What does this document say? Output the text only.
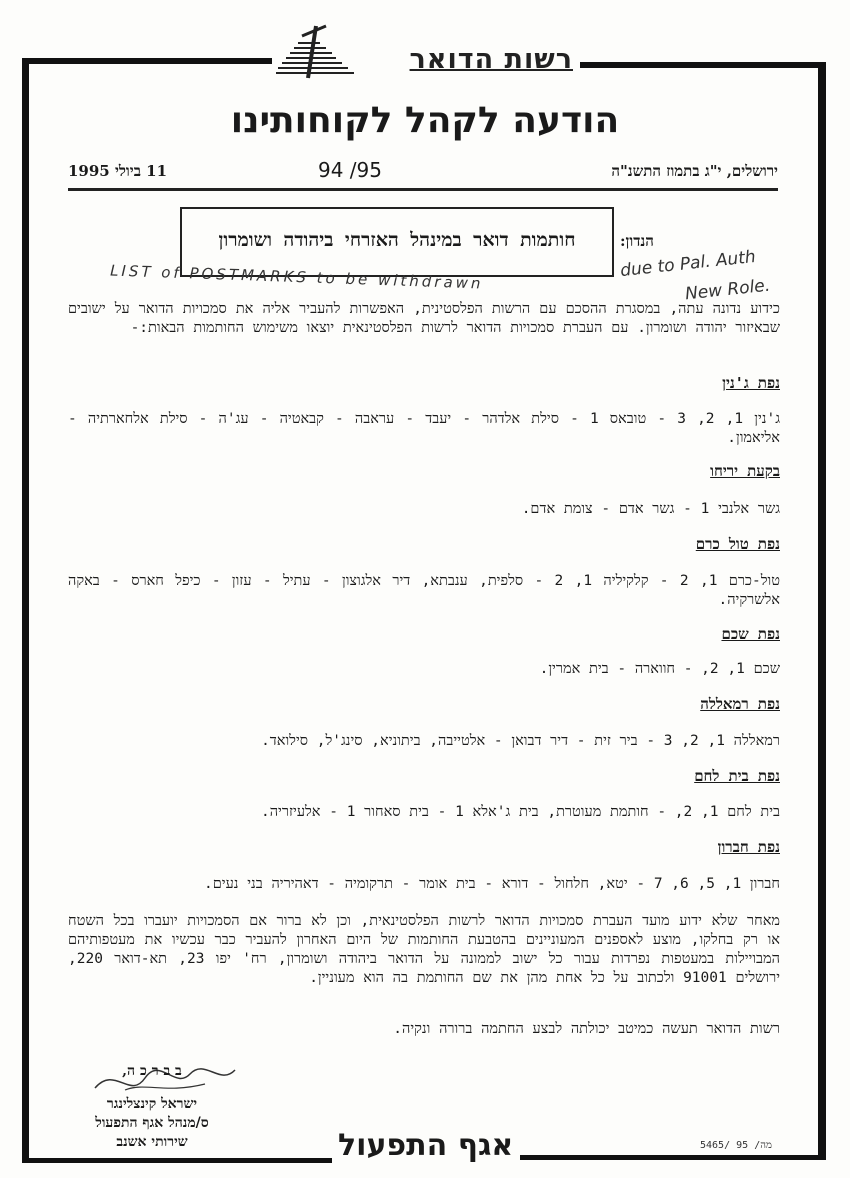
רשות הדואר
הודעה לקהל לקוחותינו
ירושלים, י"ג בתמוז התשנ"ה
94 /95
11 ביולי 1995
הנדון:
חותמות דואר במינהל האזרחי ביהודה ושומרון
LIST of POSTMARKS to be withdrawn	due to Pal. Auth
New Role.
כידוע נדונה עתה, במסגרת ההסכם עם הרשות הפלסטינית, האפשרות להעביר אליה את סמכויות הדואר על ישובים שבאיזור יהודה ושומרון. עם העברת סמכויות הדואר לרשות הפלסטינאית יוצאו משימוש החותמות הבאות:-
נפת ג'נין
ג'נין 1, 2, 3 - טובאס 1 - סילת אלדהר - יעבד - עראבה - קבאטיה - עג'ה - סילת אלחארתיה - אליאמון.
בקעת יריחו
גשר אלנבי 1 - גשר אדם - צומת אדם.
נפת טול כרם
טול-כרם 1, 2 - קלקיליה 1, 2 - סלפית, ענבתא, דיר אלגוצון - עתיל - עזון - כיפל חארס - באקה אלשרקיה.
נפת שכם
שכם 1, 2, - חווארה - בית אמרין.
נפת רמאללה
רמאללה 1, 2, 3 - ביר זית - דיר דבואן - אלטייבה, ביתוניא, סינג'ל, סילואד.
נפת בית לחם
בית לחם 1, 2, - חותמת מעוטרת, בית ג'אלא 1 - בית סאחור 1 - אלעיזריה.
נפת חברון
חברון 1, 5, 6, 7 - יטא, חלחול - דורא - בית אומר - תרקומיה - דאהיריה בני נעים.
מאחר שלא ידוע מועד העברת סמכויות הדואר לרשות הפלסטינאית, וכן לא ברור אם הסמכויות יועברו בכל השטח או רק בחלקו, מוצע לאספנים המעוניינים בהטבעת החותמות של היום האחרון להעביר כבר עכשיו את מעטפותיהם המבויילות במעטפות נפרדות עבור כל ישוב לממונה על הדואר ביהודה ושומרון, רח' יפו 23, תא-דואר 220, ירושלים 91001 ולכתוב על כל אחת מהן את שם החותמת בה הוא מעוניין.
רשות הדואר תעשה כמיטב יכולתה לבצע החתמה ברורה ונקיה.
ב ב ר כ ה,
ישראל קינצלינגר
ס/מנהל אגף התפעול
שירותי אשנב	אגף התפעול	5465/ מה/ 95
